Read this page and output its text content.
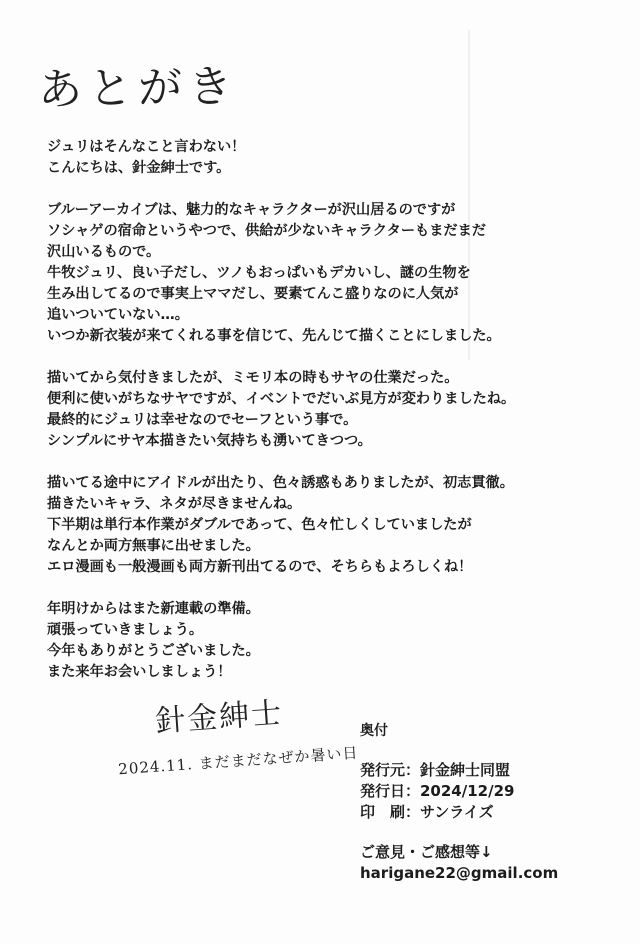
あとがき

ジュリはそんなこと言わない！

こんにちは、針金紳士です。

ブルーアーカイブは、魅力的なキャラクターが沢山居るのですが

ソシャゲの宿命というやつで、供給が少ないキャラクターもまだまだ

沢山いるもので。

牛牧ジュリ、良い子だし、ツノもおっぱいもデカいし、謎の生物を

生み出してるので事実上ママだし、要素てんこ盛りなのに人気が

追いついていない…。

いつか新衣装が来てくれる事を信じて、先んじて描くことにしました。

描いてから気付きましたが、ミモリ本の時もサヤの仕業だった。

便利に使いがちなサヤですが、イベントでだいぶ見方が変わりましたね。

最終的にジュリは幸せなのでセーフという事で。

シンプルにサヤ本描きたい気持ちも湧いてきつつ。

描いてる途中にアイドルが出たり、色々誘惑もありましたが、初志貫徹。

描きたいキャラ、ネタが尽きませんね。

下半期は単行本作業がダブルであって、色々忙しくしていましたが

なんとか両方無事に出せました。

エロ漫画も一般漫画も両方新刊出てるので、そちらもよろしくね！

年明けからはまた新連載の準備。

頑張っていきましょう。

今年もありがとうございました。

また来年お会いしましょう！

針金紳士
2024.11. まだまだなぜか暑い日

奥付

発行元：針金紳士同盟

発行日：2024/12/29

印　刷：サンライズ

ご意見・ご感想等↓

harigane22@gmail.com
